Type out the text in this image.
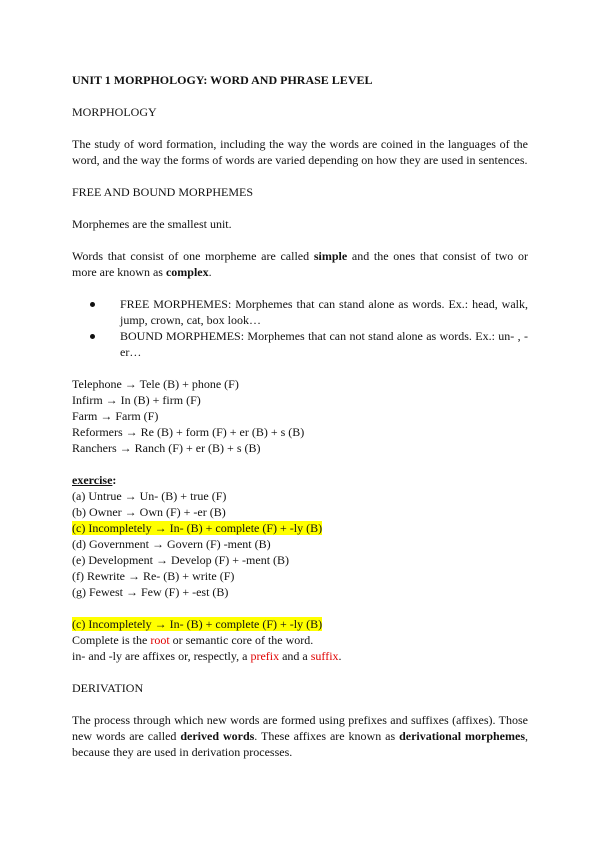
UNIT 1 MORPHOLOGY: WORD AND PHRASE LEVEL

MORPHOLOGY

The study of word formation, including the way the words are coined in the languages of the word, and the way the forms of words are varied depending on how they are used in sentences.

FREE AND BOUND MORPHEMES

Morphemes are the smallest unit.

Words that consist of one morpheme are called simple and the ones that consist of two or more are known as complex.

FREE MORPHEMES: Morphemes that can stand alone as words. Ex.: head, walk, jump, crown, cat, box look…
BOUND MORPHEMES: Morphemes that can not stand alone as words. Ex.: un- , -er…

Telephone → Tele (B) + phone (F)

Infirm → In (B) + firm (F)

Farm → Farm (F)

Reformers → Re (B) + form (F) + er (B) + s (B)

Ranchers → Ranch (F) + er (B) + s (B)

exercise:

(a) Untrue → Un- (B) + true (F)

(b) Owner → Own (F) + -er (B)

(c) Incompletely → In- (B) + complete (F) + -ly (B)

(d) Government → Govern (F) -ment (B)

(e) Development → Develop (F) + -ment (B)

(f) Rewrite → Re- (B) + write (F)

(g) Fewest → Few (F) + -est (B)

(c) Incompletely → In- (B) + complete (F) + -ly (B)

Complete is the root or semantic core of the word.

in- and -ly are affixes or, respectly, a prefix and a suffix.

DERIVATION

The process through which new words are formed using prefixes and suffixes (affixes). Those new words are called derived words. These affixes are known as derivational morphemes, because they are used in derivation processes.
